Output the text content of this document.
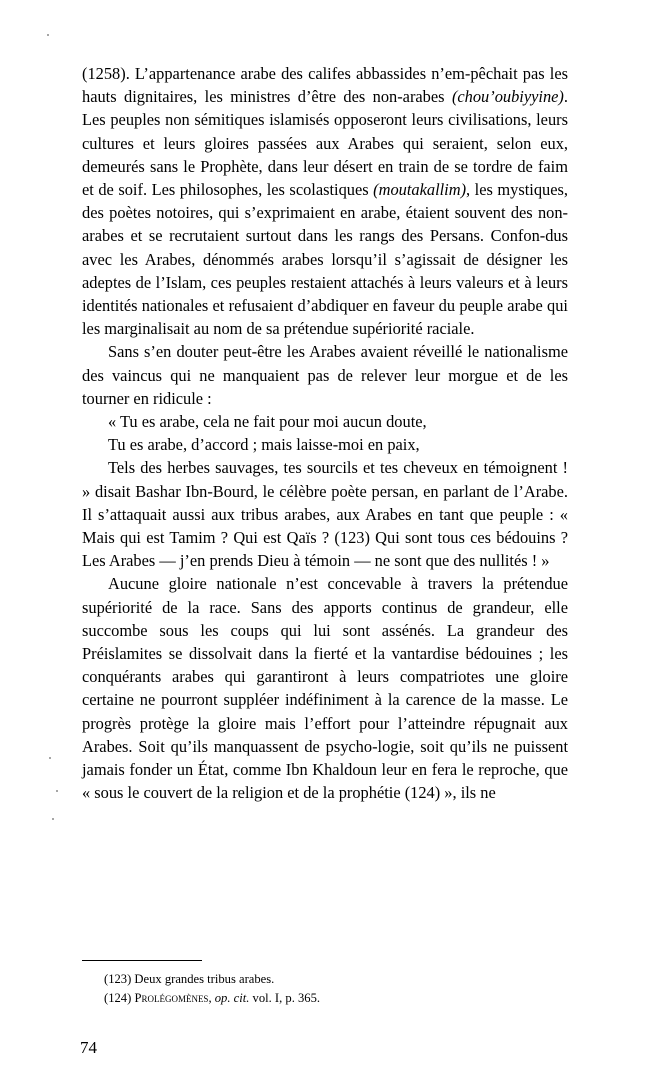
(1258). L’appartenance arabe des califes abbassides n’em-pêchait pas les hauts dignitaires, les ministres d’être des non-arabes (chou’oubiyyine). Les peuples non sémitiques islamisés opposeront leurs civilisations, leurs cultures et leurs gloires passées aux Arabes qui seraient, selon eux, demeurés sans le Prophète, dans leur désert en train de se tordre de faim et de soif. Les philosophes, les scolastiques (moutakallim), les mystiques, des poètes notoires, qui s’exprimaient en arabe, étaient souvent des non-arabes et se recrutaient surtout dans les rangs des Persans. Confon-dus avec les Arabes, dénommés arabes lorsqu’il s’agissait de désigner les adeptes de l’Islam, ces peuples restaient attachés à leurs valeurs et à leurs identités nationales et refusaient d’abdiquer en faveur du peuple arabe qui les marginalisait au nom de sa prétendue supériorité raciale.

Sans s’en douter peut-être les Arabes avaient réveillé le nationalisme des vaincus qui ne manquaient pas de relever leur morgue et de les tourner en ridicule :

« Tu es arabe, cela ne fait pour moi aucun doute,

Tu es arabe, d’accord ; mais laisse-moi en paix,

Tels des herbes sauvages, tes sourcils et tes cheveux en témoignent ! » disait Bashar Ibn-Bourd, le célèbre poète persan, en parlant de l’Arabe. Il s’attaquait aussi aux tribus arabes, aux Arabes en tant que peuple : « Mais qui est Tamim ? Qui est Qaïs ? (123) Qui sont tous ces bédouins ? Les Arabes — j’en prends Dieu à témoin — ne sont que des nullités ! »

Aucune gloire nationale n’est concevable à travers la prétendue supériorité de la race. Sans des apports continus de grandeur, elle succombe sous les coups qui lui sont assénés. La grandeur des Préislamites se dissolvait dans la fierté et la vantardise bédouines ; les conquérants arabes qui garantiront à leurs compatriotes une gloire certaine ne pourront suppléer indéfiniment à la carence de la masse. Le progrès protège la gloire mais l’effort pour l’atteindre répugnait aux Arabes. Soit qu’ils manquassent de psycho-logie, soit qu’ils ne puissent jamais fonder un État, comme Ibn Khaldoun leur en fera le reproche, que « sous le couvert de la religion et de la prophétie (124) », ils ne

(123) Deux grandes tribus arabes.

(124) Prolégomènes, op. cit. vol. I, p. 365.

74
